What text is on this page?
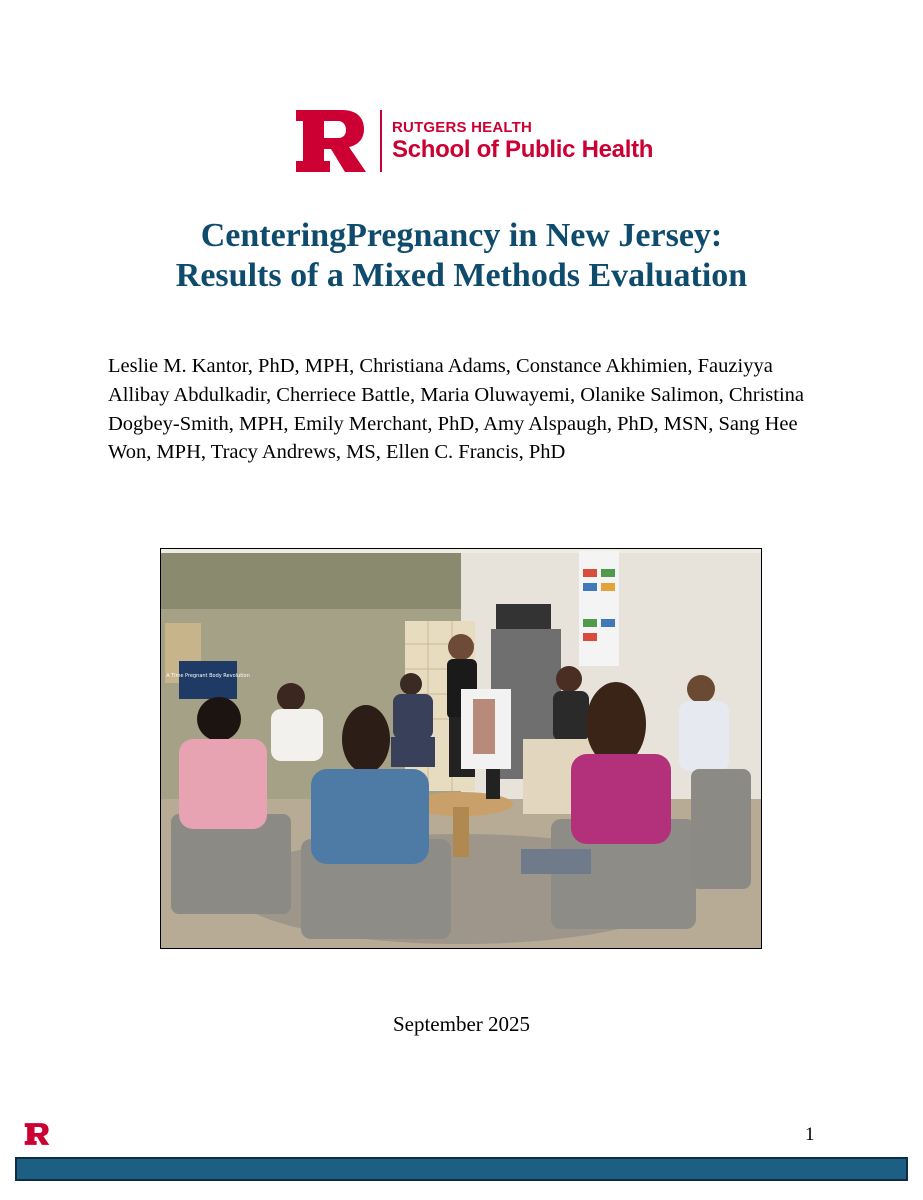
RUTGERS HEALTH
School of Public Health
CenteringPregnancy in New Jersey:
Results of a Mixed Methods Evaluation
Leslie M. Kantor, PhD, MPH, Christiana Adams, Constance Akhimien, Fauziyya Allibay Abdulkadir, Cherriece Battle, Maria Oluwayemi, Olanike Salimon, Christina Dogbey-Smith, MPH, Emily Merchant, PhD, Amy Alspaugh, PhD, MSN, Sang Hee Won, MPH, Tracy Andrews, MS, Ellen C. Francis, PhD
A Time Pregnant Body Revolution
September 2025
1
